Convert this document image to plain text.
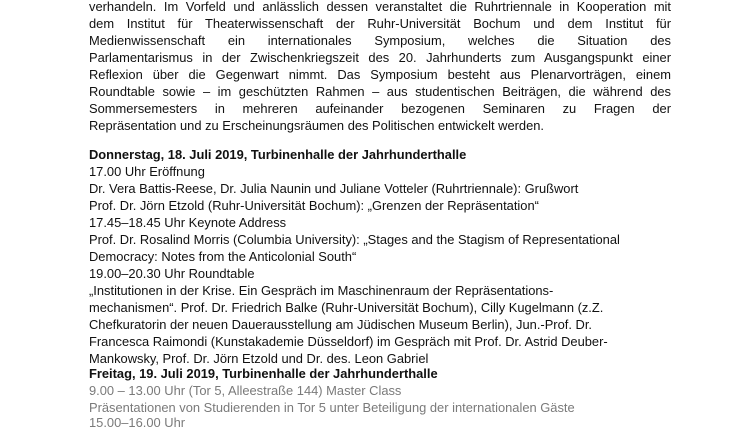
verhandeln. Im Vorfeld und anlässlich dessen veranstaltet die Ruhrtriennale in Kooperation mit
dem Institut für Theaterwissenschaft der Ruhr-Universität Bochum und dem Institut für
Medienwissenschaft ein internationales Symposium, welches die Situation des
Parlamentarismus in der Zwischenkriegszeit des 20. Jahrhunderts zum Ausgangspunkt einer
Reflexion über die Gegenwart nimmt. Das Symposium besteht aus Plenarvorträgen, einem
Roundtable sowie – im geschützten Rahmen – aus studentischen Beiträgen, die während des
Sommersemesters in mehreren aufeinander bezogenen Seminaren zu Fragen der
Repräsentation und zu Erscheinungsräumen des Politischen entwickelt werden.
Donnerstag, 18. Juli 2019, Turbinenhalle der Jahrhunderthalle
17.00 Uhr Eröffnung
Dr. Vera Battis-Reese, Dr. Julia Naunin und Juliane Votteler (Ruhrtriennale): Grußwort
Prof. Dr. Jörn Etzold (Ruhr-Universität Bochum): „Grenzen der Repräsentation“
17.45–18.45 Uhr Keynote Address
Prof. Dr. Rosalind Morris (Columbia University): „Stages and the Stagism of Representational
Democracy: Notes from the Anticolonial South“
19.00–20.30 Uhr Roundtable
„Institutionen in der Krise. Ein Gespräch im Maschinenraum der Repräsentations-
mechanismen“. Prof. Dr. Friedrich Balke (Ruhr-Universität Bochum), Cilly Kugelmann (z.Z.
Chefkuratorin der neuen Dauerausstellung am Jüdischen Museum Berlin), Jun.-Prof. Dr.
Francesca Raimondi (Kunstakademie Düsseldorf) im Gespräch mit Prof. Dr. Astrid Deuber-
Mankowsky, Prof. Dr. Jörn Etzold und Dr. des. Leon Gabriel
Freitag, 19. Juli 2019, Turbinenhalle der Jahrhunderthalle
9.00 – 13.00 Uhr (Tor 5, Alleestraße 144) Master Class
Präsentationen von Studierenden in Tor 5 unter Beteiligung der internationalen Gäste
15.00–16.00 Uhr
